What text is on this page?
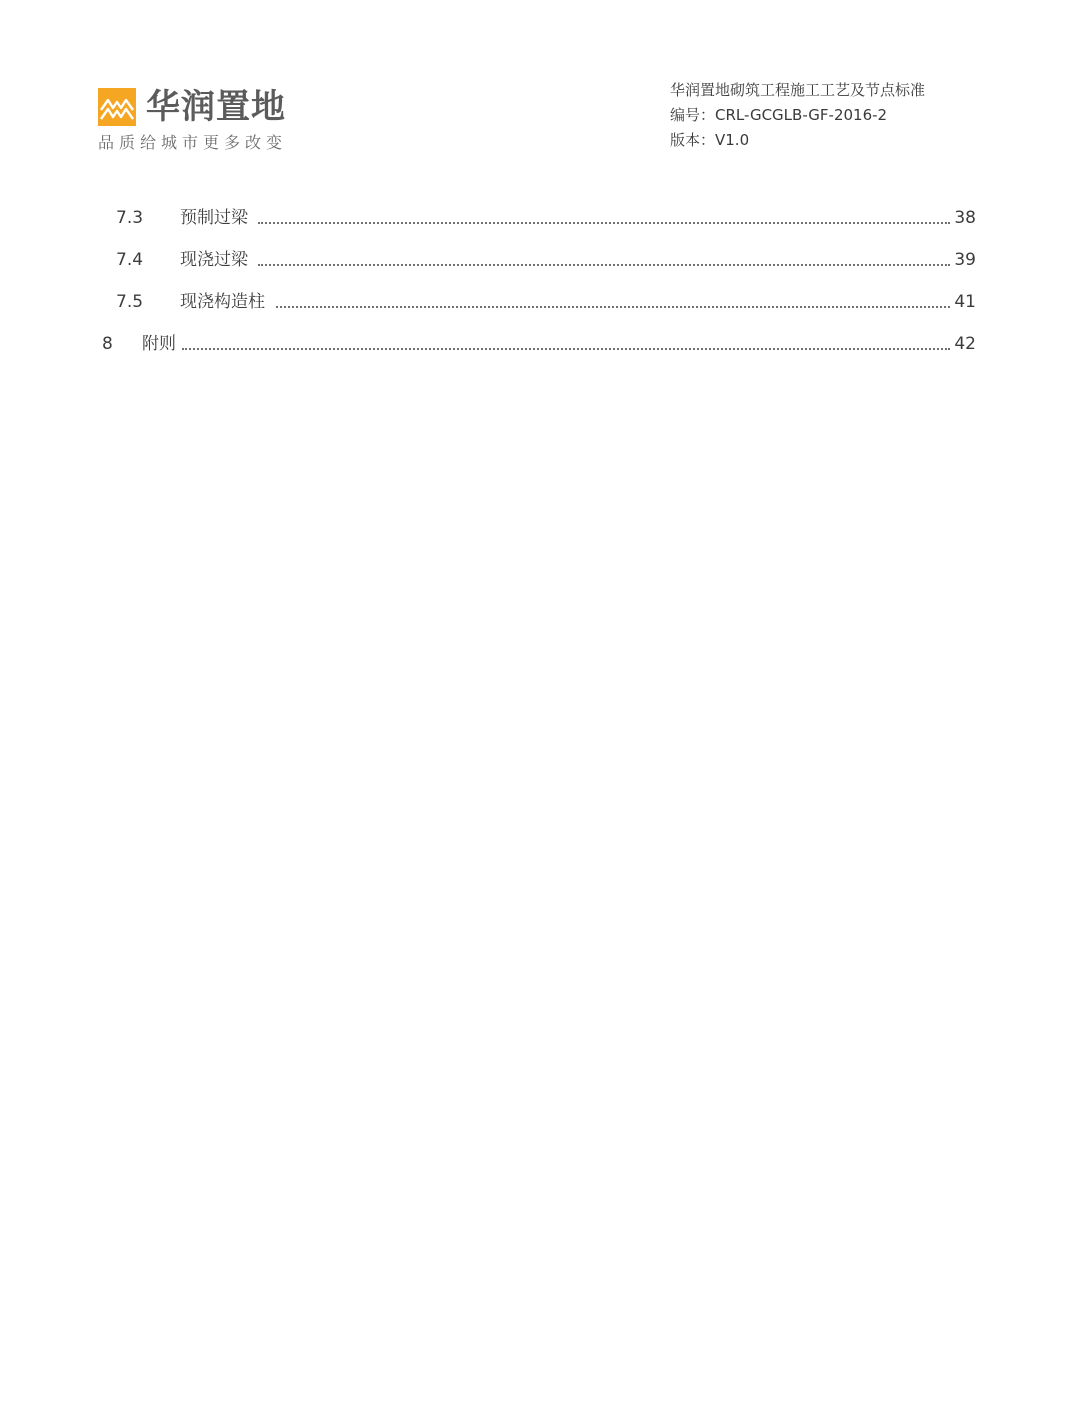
华润置地
品质给城市更多改变
华润置地砌筑工程施工工艺及节点标准
编号：CRL-GCGLB-GF-2016-2
版本：V1.0
7.3 预制过梁	38
7.4 现浇过梁	39
7.5 现浇构造柱	41
8 附则	42
